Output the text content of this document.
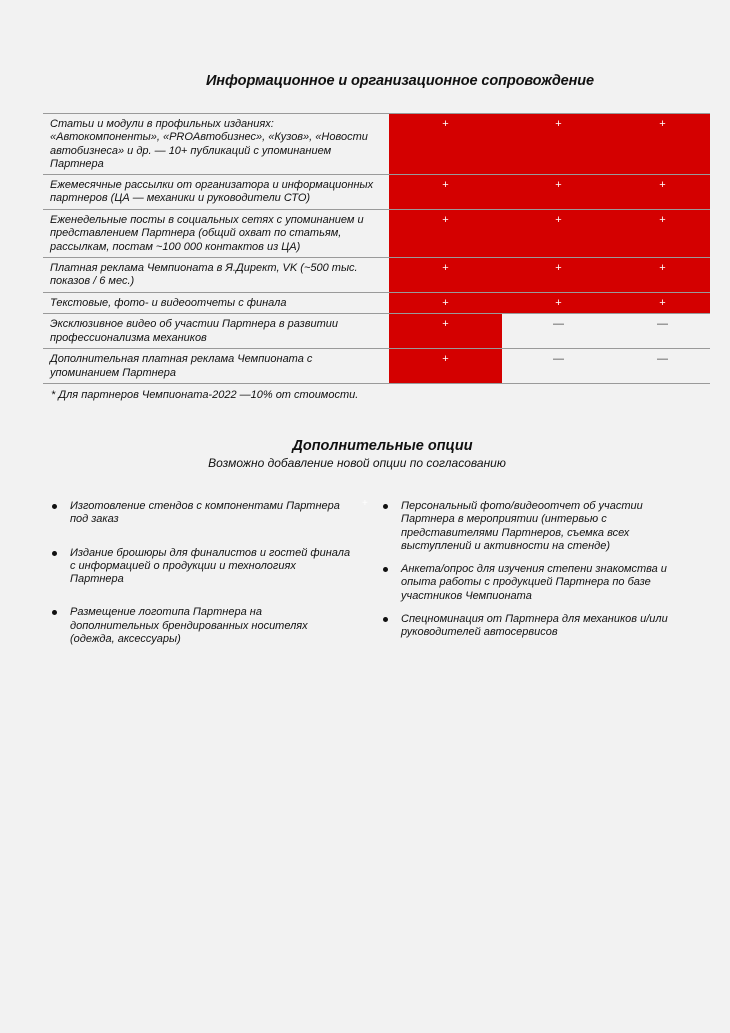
Информационное и организационное сопровождение
Статьи и модули в профильных изданиях: «Автокомпоненты», «PROАвтобизнес», «Кузов», «Новости автобизнеса» и др. — 10+ публикаций с упоминанием Партнера	+	+	+
Ежемесячные рассылки от организатора и информационных партнеров (ЦА — механики и руководители СТО)	+	+	+
Еженедельные посты в социальных сетях с упоминанием и представлением Партнера (общий охват по статьям, рассылкам, постам ~100 000 контактов из ЦА)	+	+	+
Платная реклама Чемпионата в Я.Директ, VK (~500 тыс. показов / 6 мес.)	+	+	+
Текстовые, фото- и видеоотчеты с финала	+	+	+
Эксклюзивное видео об участии Партнера в развитии профессионализма механиков	+	—	—
Дополнительная платная реклама Чемпионата с упоминанием Партнера	+	—	—
* Для партнеров Чемпионата-2022 —10% от стоимости.
Дополнительные опции
Возможно добавление новой опции по согласованию
+
Изготовление стендов с компонентами Партнера под заказ
Издание брошюры для финалистов и гостей финала с информацией о продукции и технологиях Партнера
Размещение логотипа Партнера на дополнительных брендированных носителях (одежда, аксессуары)
Персональный фото/видеоотчет об участии Партнера в мероприятии (интервью с представителями Партнеров, съемка всех выступлений и активности на стенде)
Анкета/опрос для изучения степени знакомства и опыта работы с продукцией Партнера по базе участников Чемпионата
Спецноминация от Партнера для механиков и/или руководителей автосервисов
